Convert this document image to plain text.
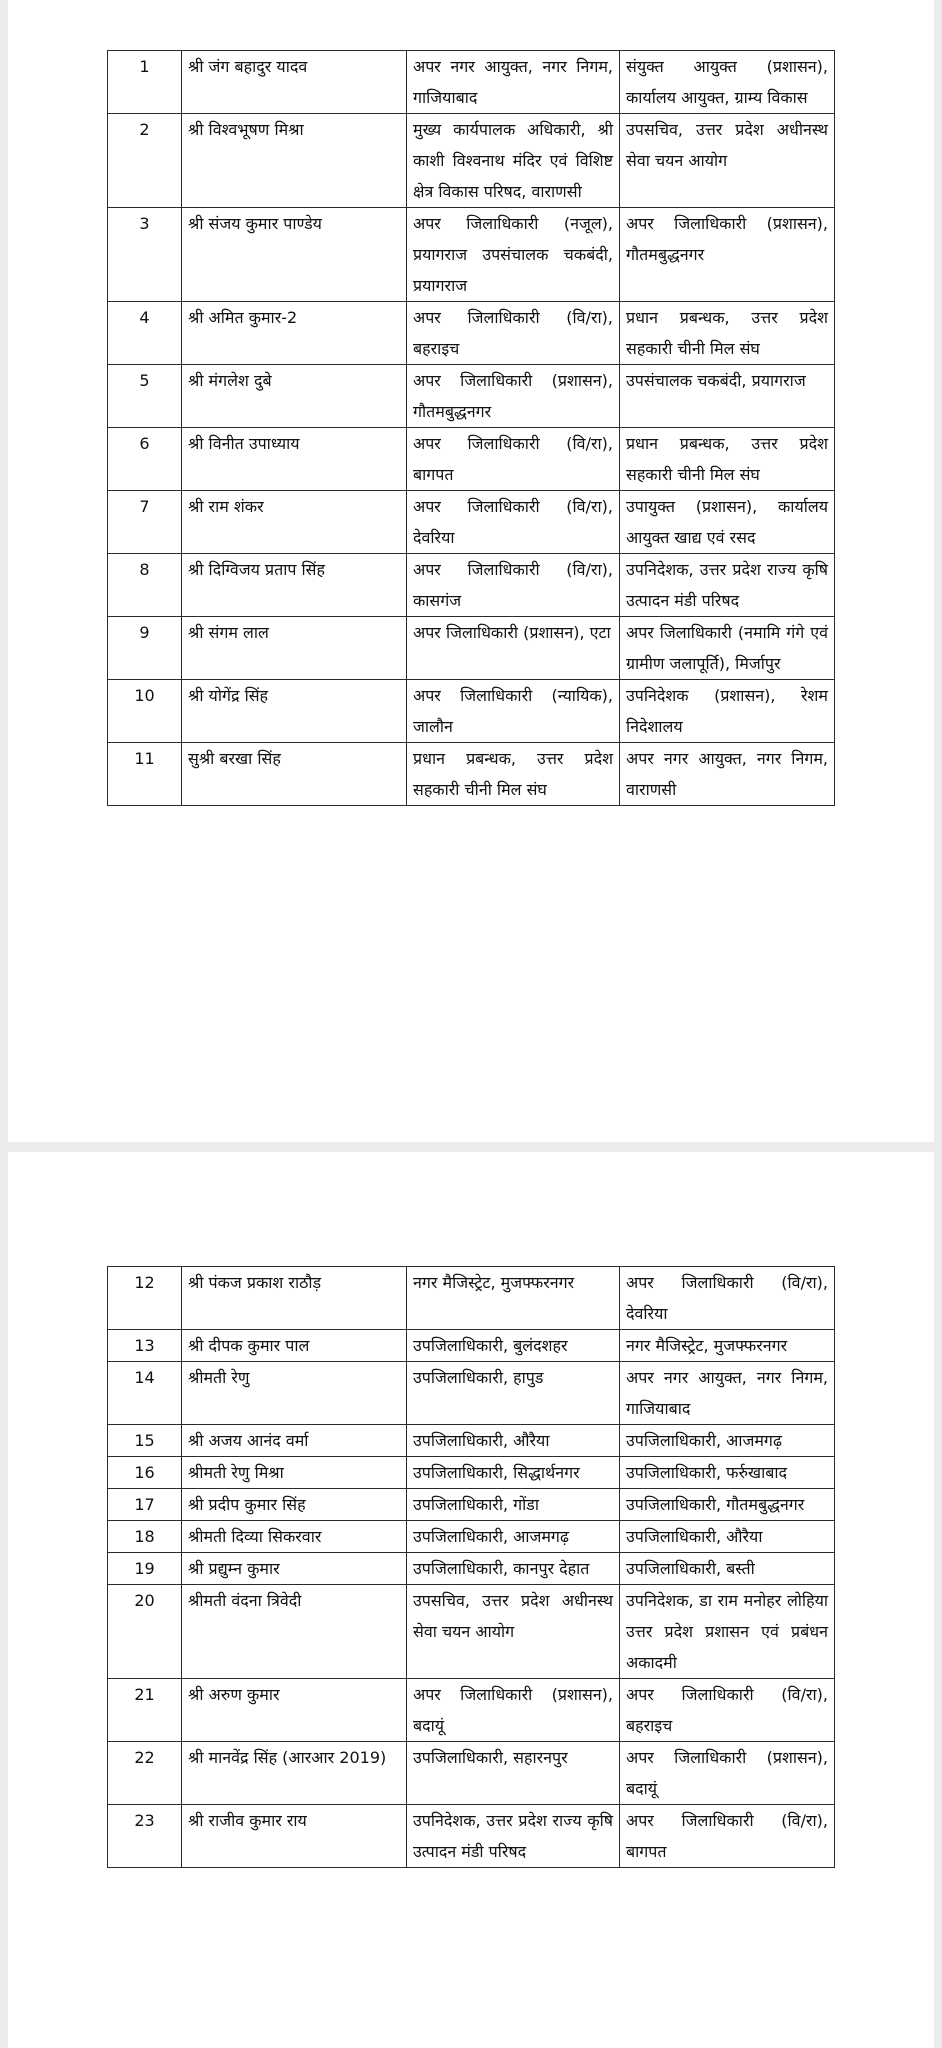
1	श्री जंग बहादुर यादव	अपर नगर आयुक्त, नगर निगम, गाजियाबाद	संयुक्त आयुक्त (प्रशासन), कार्यालय आयुक्त, ग्राम्य विकास
2	श्री विश्वभूषण मिश्रा	मुख्य कार्यपालक अधिकारी, श्री काशी विश्वनाथ मंदिर एवं विशिष्ट क्षेत्र विकास परिषद, वाराणसी	उपसचिव, उत्तर प्रदेश अधीनस्थ सेवा चयन आयोग
3	श्री संजय कुमार पाण्डेय	अपर जिलाधिकारी (नजूल), प्रयागराज उपसंचालक चकबंदी, प्रयागराज	अपर जिलाधिकारी (प्रशासन), गौतमबुद्धनगर
4	श्री अमित कुमार-2	अपर जिलाधिकारी (वि/रा), बहराइच	प्रधान प्रबन्धक, उत्तर प्रदेश सहकारी चीनी मिल संघ
5	श्री मंगलेश दुबे	अपर जिलाधिकारी (प्रशासन), गौतमबुद्धनगर	उपसंचालक चकबंदी, प्रयागराज
6	श्री विनीत उपाध्याय	अपर जिलाधिकारी (वि/रा), बागपत	प्रधान प्रबन्धक, उत्तर प्रदेश सहकारी चीनी मिल संघ
7	श्री राम शंकर	अपर जिलाधिकारी (वि/रा), देवरिया	उपायुक्त (प्रशासन), कार्यालय आयुक्त खाद्य एवं रसद
8	श्री दिग्विजय प्रताप सिंह	अपर जिलाधिकारी (वि/रा), कासगंज	उपनिदेशक, उत्तर प्रदेश राज्य कृषि उत्पादन मंडी परिषद
9	श्री संगम लाल	अपर जिलाधिकारी (प्रशासन), एटा	अपर जिलाधिकारी (नमामि गंगे एवं ग्रामीण जलापूर्ति), मिर्जापुर
10	श्री योगेंद्र सिंह	अपर जिलाधिकारी (न्यायिक), जालौन	उपनिदेशक (प्रशासन), रेशम निदेशालय
11	सुश्री बरखा सिंह	प्रधान प्रबन्धक, उत्तर प्रदेश सहकारी चीनी मिल संघ	अपर नगर आयुक्त, नगर निगम, वाराणसी
12	श्री पंकज प्रकाश राठौड़	नगर मैजिस्ट्रेट, मुजफ्फरनगर	अपर जिलाधिकारी (वि/रा), देवरिया
13	श्री दीपक कुमार पाल	उपजिलाधिकारी, बुलंदशहर	नगर मैजिस्ट्रेट, मुजफ्फरनगर
14	श्रीमती रेणु	उपजिलाधिकारी, हापुड	अपर नगर आयुक्त, नगर निगम, गाजियाबाद
15	श्री अजय आनंद वर्मा	उपजिलाधिकारी, औरैया	उपजिलाधिकारी, आजमगढ़
16	श्रीमती रेणु मिश्रा	उपजिलाधिकारी, सिद्धार्थनगर	उपजिलाधिकारी, फर्रुखाबाद
17	श्री प्रदीप कुमार सिंह	उपजिलाधिकारी, गोंडा	उपजिलाधिकारी, गौतमबुद्धनगर
18	श्रीमती दिव्या सिकरवार	उपजिलाधिकारी, आजमगढ़	उपजिलाधिकारी, औरैया
19	श्री प्रद्युम्न कुमार	उपजिलाधिकारी, कानपुर देहात	उपजिलाधिकारी, बस्ती
20	श्रीमती वंदना त्रिवेदी	उपसचिव, उत्तर प्रदेश अधीनस्थ सेवा चयन आयोग	उपनिदेशक, डा राम मनोहर लोहिया उत्तर प्रदेश प्रशासन एवं प्रबंधन अकादमी
21	श्री अरुण कुमार	अपर जिलाधिकारी (प्रशासन), बदायूं	अपर जिलाधिकारी (वि/रा), बहराइच
22	श्री मानवेंद्र सिंह (आरआर 2019)	उपजिलाधिकारी, सहारनपुर	अपर जिलाधिकारी (प्रशासन), बदायूं
23	श्री राजीव कुमार राय	उपनिदेशक, उत्तर प्रदेश राज्य कृषि उत्पादन मंडी परिषद	अपर जिलाधिकारी (वि/रा), बागपत
